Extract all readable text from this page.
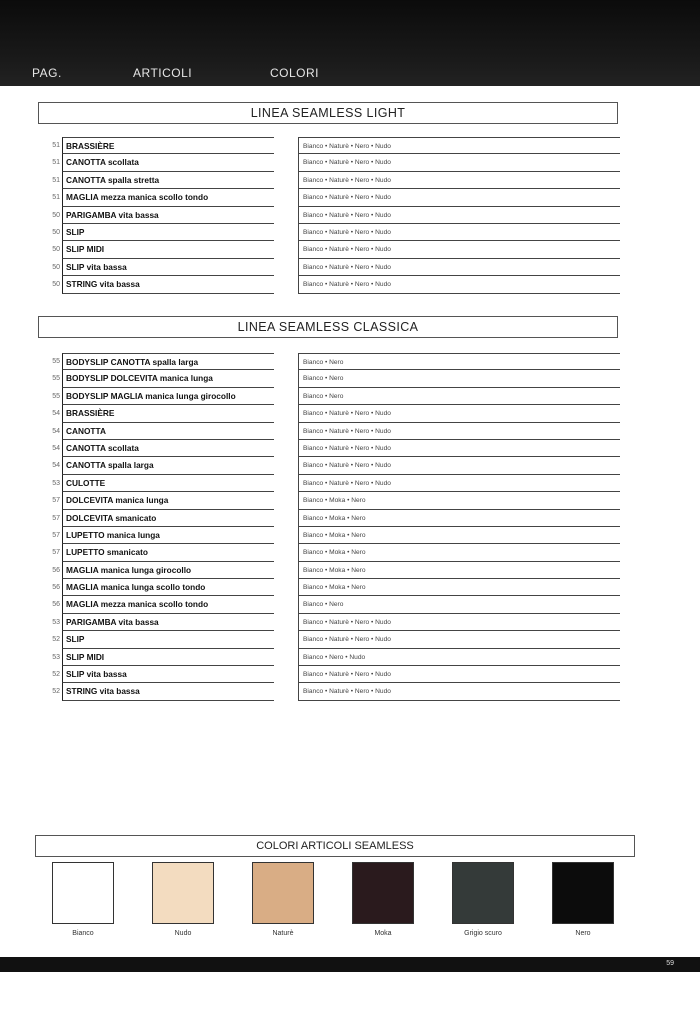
PAG.	ARTICOLI	COLORI
LINEA SEAMLESS LIGHT
51 BRASSIÈRE	Bianco • Naturè • Nero • Nudo
51 CANOTTA scollata	Bianco • Naturè • Nero • Nudo
51 CANOTTA spalla stretta	Bianco • Naturè • Nero • Nudo
51 MAGLIA mezza manica scollo tondo	Bianco • Naturè • Nero • Nudo
50 PARIGAMBA vita bassa	Bianco • Naturè • Nero • Nudo
50 SLIP	Bianco • Naturè • Nero • Nudo
50 SLIP MIDI	Bianco • Naturè • Nero • Nudo
50 SLIP vita bassa	Bianco • Naturè • Nero • Nudo
50 STRING vita bassa	Bianco • Naturè • Nero • Nudo
LINEA SEAMLESS CLASSICA
55 BODYSLIP CANOTTA spalla larga	Bianco • Nero
55 BODYSLIP DOLCEVITA manica lunga	Bianco • Nero
55 BODYSLIP MAGLIA manica lunga girocollo	Bianco • Nero
54 BRASSIÈRE	Bianco • Naturè • Nero • Nudo
54 CANOTTA	Bianco • Naturè • Nero • Nudo
54 CANOTTA scollata	Bianco • Naturè • Nero • Nudo
54 CANOTTA spalla larga	Bianco • Naturè • Nero • Nudo
53 CULOTTE	Bianco • Naturè • Nero • Nudo
57 DOLCEVITA manica lunga	Bianco • Moka • Nero
57 DOLCEVITA smanicato	Bianco • Moka • Nero
57 LUPETTO manica lunga	Bianco • Moka • Nero
57 LUPETTO smanicato	Bianco • Moka • Nero
56 MAGLIA manica lunga girocollo	Bianco • Moka • Nero
56 MAGLIA manica lunga scollo tondo	Bianco • Moka • Nero
56 MAGLIA mezza manica scollo tondo	Bianco • Nero
53 PARIGAMBA vita bassa	Bianco • Naturè • Nero • Nudo
52 SLIP	Bianco • Naturè • Nero • Nudo
53 SLIP MIDI	Bianco • Nero • Nudo
52 SLIP vita bassa	Bianco • Naturè • Nero • Nudo
52 STRING vita bassa	Bianco • Naturè • Nero • Nudo
COLORI ARTICOLI SEAMLESS
Bianco	Nudo	Naturè	Moka	Grigio scuro	Nero
59
